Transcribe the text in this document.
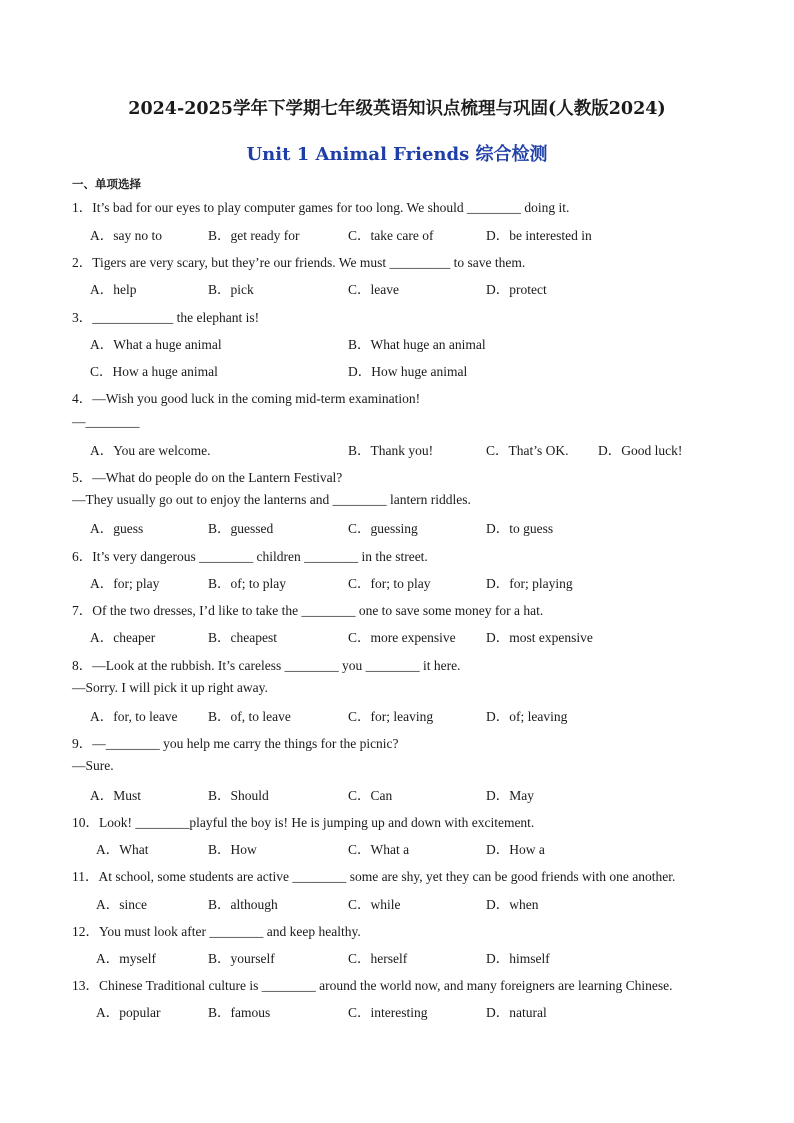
2024-2025学年下学期七年级英语知识点梳理与巩固(人教版2024)
Unit 1 Animal Friends 综合检测
一、单项选择
1．It’s bad for our eyes to play computer games for too long. We should ________ doing it.
A．say no to	B．get ready for	C．take care of	D．be interested in
2．Tigers are very scary, but they’re our friends. We must _________ to save them.
A．help	B．pick	C．leave	D．protect
3．____________ the elephant is!
A．What a huge animal	B．What huge an animal
C．How a huge animal	D．How huge animal
4．—Wish you good luck in the coming mid-term examination!
—________
A．You are welcome.	B．Thank you!	C．That’s OK. D．Good luck!
5．—What do people do on the Lantern Festival?
—They usually go out to enjoy the lanterns and ________ lantern riddles.
A．guess	B．guessed	C．guessing	D．to guess
6．It’s very dangerous ________ children ________ in the street.
A．for; play	B．of; to play	C．for; to play	D．for; playing
7．Of the two dresses, I’d like to take the ________ one to save some money for a hat.
A．cheaper	B．cheapest	C．more expensive D．most expensive
8．—Look at the rubbish. It’s careless ________ you ________ it here.
—Sorry. I will pick it up right away.
A．for, to leave B．of, to leave	C．for; leaving	D．of; leaving
9．—________ you help me carry the things for the picnic?
—Sure.
A．Must	B．Should	C．Can	D．May
10．Look! ________playful the boy is! He is jumping up and down with excitement.
A．What	B．How	C．What a	D．How a
11．At school, some students are active ________ some are shy, yet they can be good friends with one another.
A．since	B．although	C．while	D．when
12．You must look after ________ and keep healthy.
A．myself	B．yourself	C．herself	D．himself
13．Chinese Traditional culture is ________ around the world now, and many foreigners are learning Chinese.
A．popular	B．famous	C．interesting	D．natural
